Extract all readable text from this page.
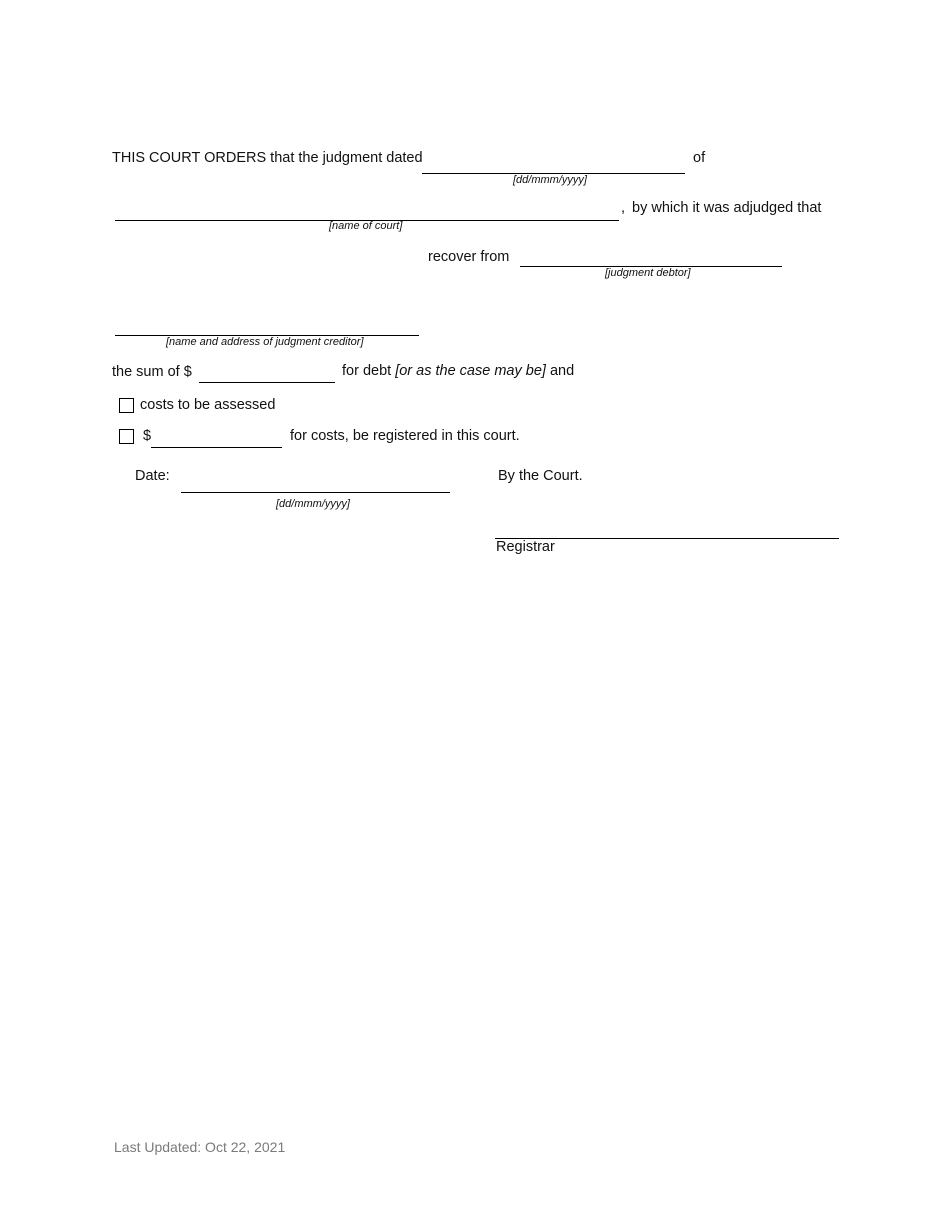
THIS COURT ORDERS that the judgment dated	of
[dd/mmm/yyyy]
, by which it was adjudged that
[name of court]
recover from
[judgment debtor]
[name and address of judgment creditor]
the sum of $	for debt [or as the case may be] and
costs to be assessed
$	for costs, be registered in this court.
Date:
[dd/mmm/yyyy]
By the Court.
Registrar
Last Updated: Oct 22, 2021
